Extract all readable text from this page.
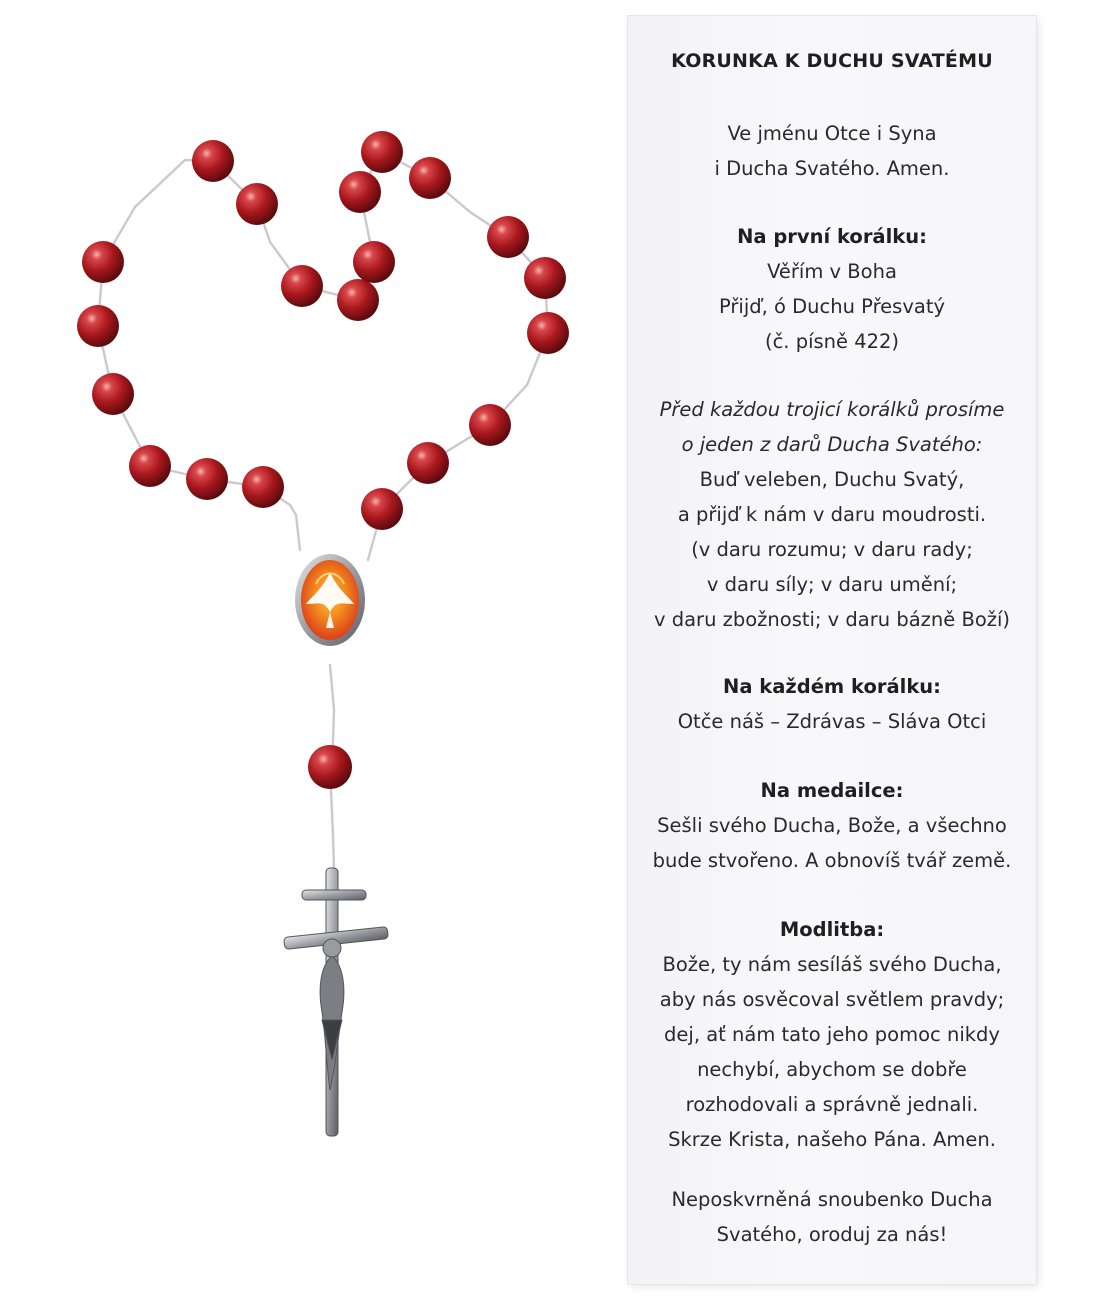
KORUNKA K DUCHU SVATÉMU
Ve jménu Otce i Syna
i Ducha Svatého. Amen.
Na první korálku:
Věřím v Boha
Přijď, ó Duchu Přesvatý
(č. písně 422)
Před každou trojicí korálků prosíme
o jeden z darů Ducha Svatého:
Buď veleben, Duchu Svatý,
a přijď k nám v daru moudrosti.
(v daru rozumu; v daru rady;
v daru síly; v daru umění;
v daru zbožnosti; v daru bázně Boží)
Na každém korálku:
Otče náš – Zdrávas – Sláva Otci
Na medailce:
Sešli svého Ducha, Bože, a všechno
bude stvořeno. A obnovíš tvář země.
Modlitba:
Bože, ty nám sesíláš svého Ducha,
aby nás osvěcoval světlem pravdy;
dej, ať nám tato jeho pomoc nikdy
nechybí, abychom se dobře
rozhodovali a správně jednali.
Skrze Krista, našeho Pána. Amen.
Neposkvrněná snoubenko Ducha
Svatého, oroduj za nás!
